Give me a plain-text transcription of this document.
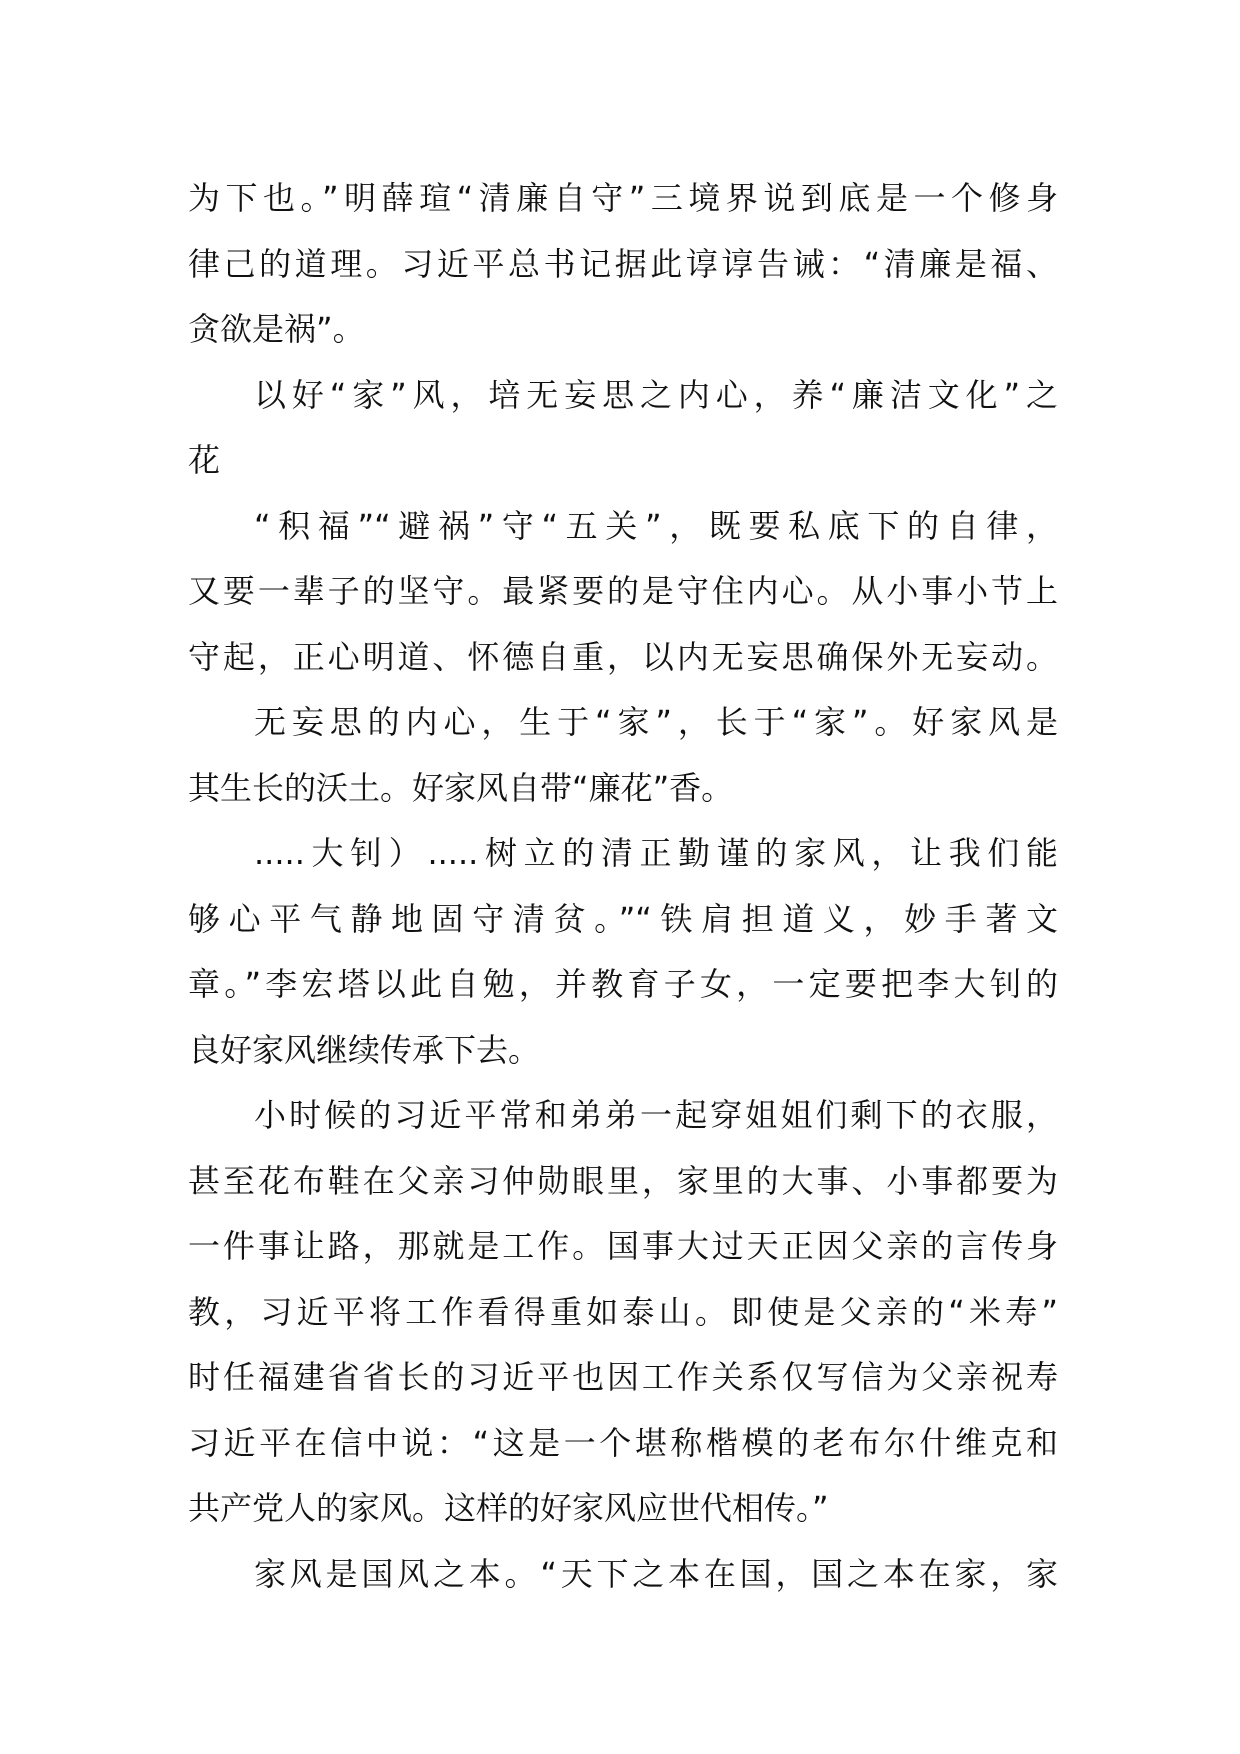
为下也。”明薛瑄“清廉自守”三境界说到底是一个修身
律己的道理。习近平总书记据此谆谆告诫：“清廉是福、
贪欲是祸”。
以好“家”风，培无妄思之内心，养“廉洁文化”之
花
“积福”“避祸”守“五关”，既要私底下的自律，
又要一辈子的坚守。最紧要的是守住内心。从小事小节上
守起，正心明道、怀德自重，以内无妄思确保外无妄动。
无妄思的内心，生于“家”，长于“家”。好家风是
其生长的沃土。好家风自带“廉花”香。
.....大钊）.....树立的清正勤谨的家风，让我们能
够心平气静地固守清贫。”“铁肩担道义，妙手著文
章。”李宏塔以此自勉，并教育子女，一定要把李大钊的
良好家风继续传承下去。
小时候的习近平常和弟弟一起穿姐姐们剩下的衣服，
甚至花布鞋在父亲习仲勋眼里，家里的大事、小事都要为
一件事让路，那就是工作。国事大过天正因父亲的言传身
教，习近平将工作看得重如泰山。即使是父亲的“米寿”
时任福建省省长的习近平也因工作关系仅写信为父亲祝寿
习近平在信中说：“这是一个堪称楷模的老布尔什维克和
共产党人的家风。这样的好家风应世代相传。”
家风是国风之本。“天下之本在国，国之本在家，家
